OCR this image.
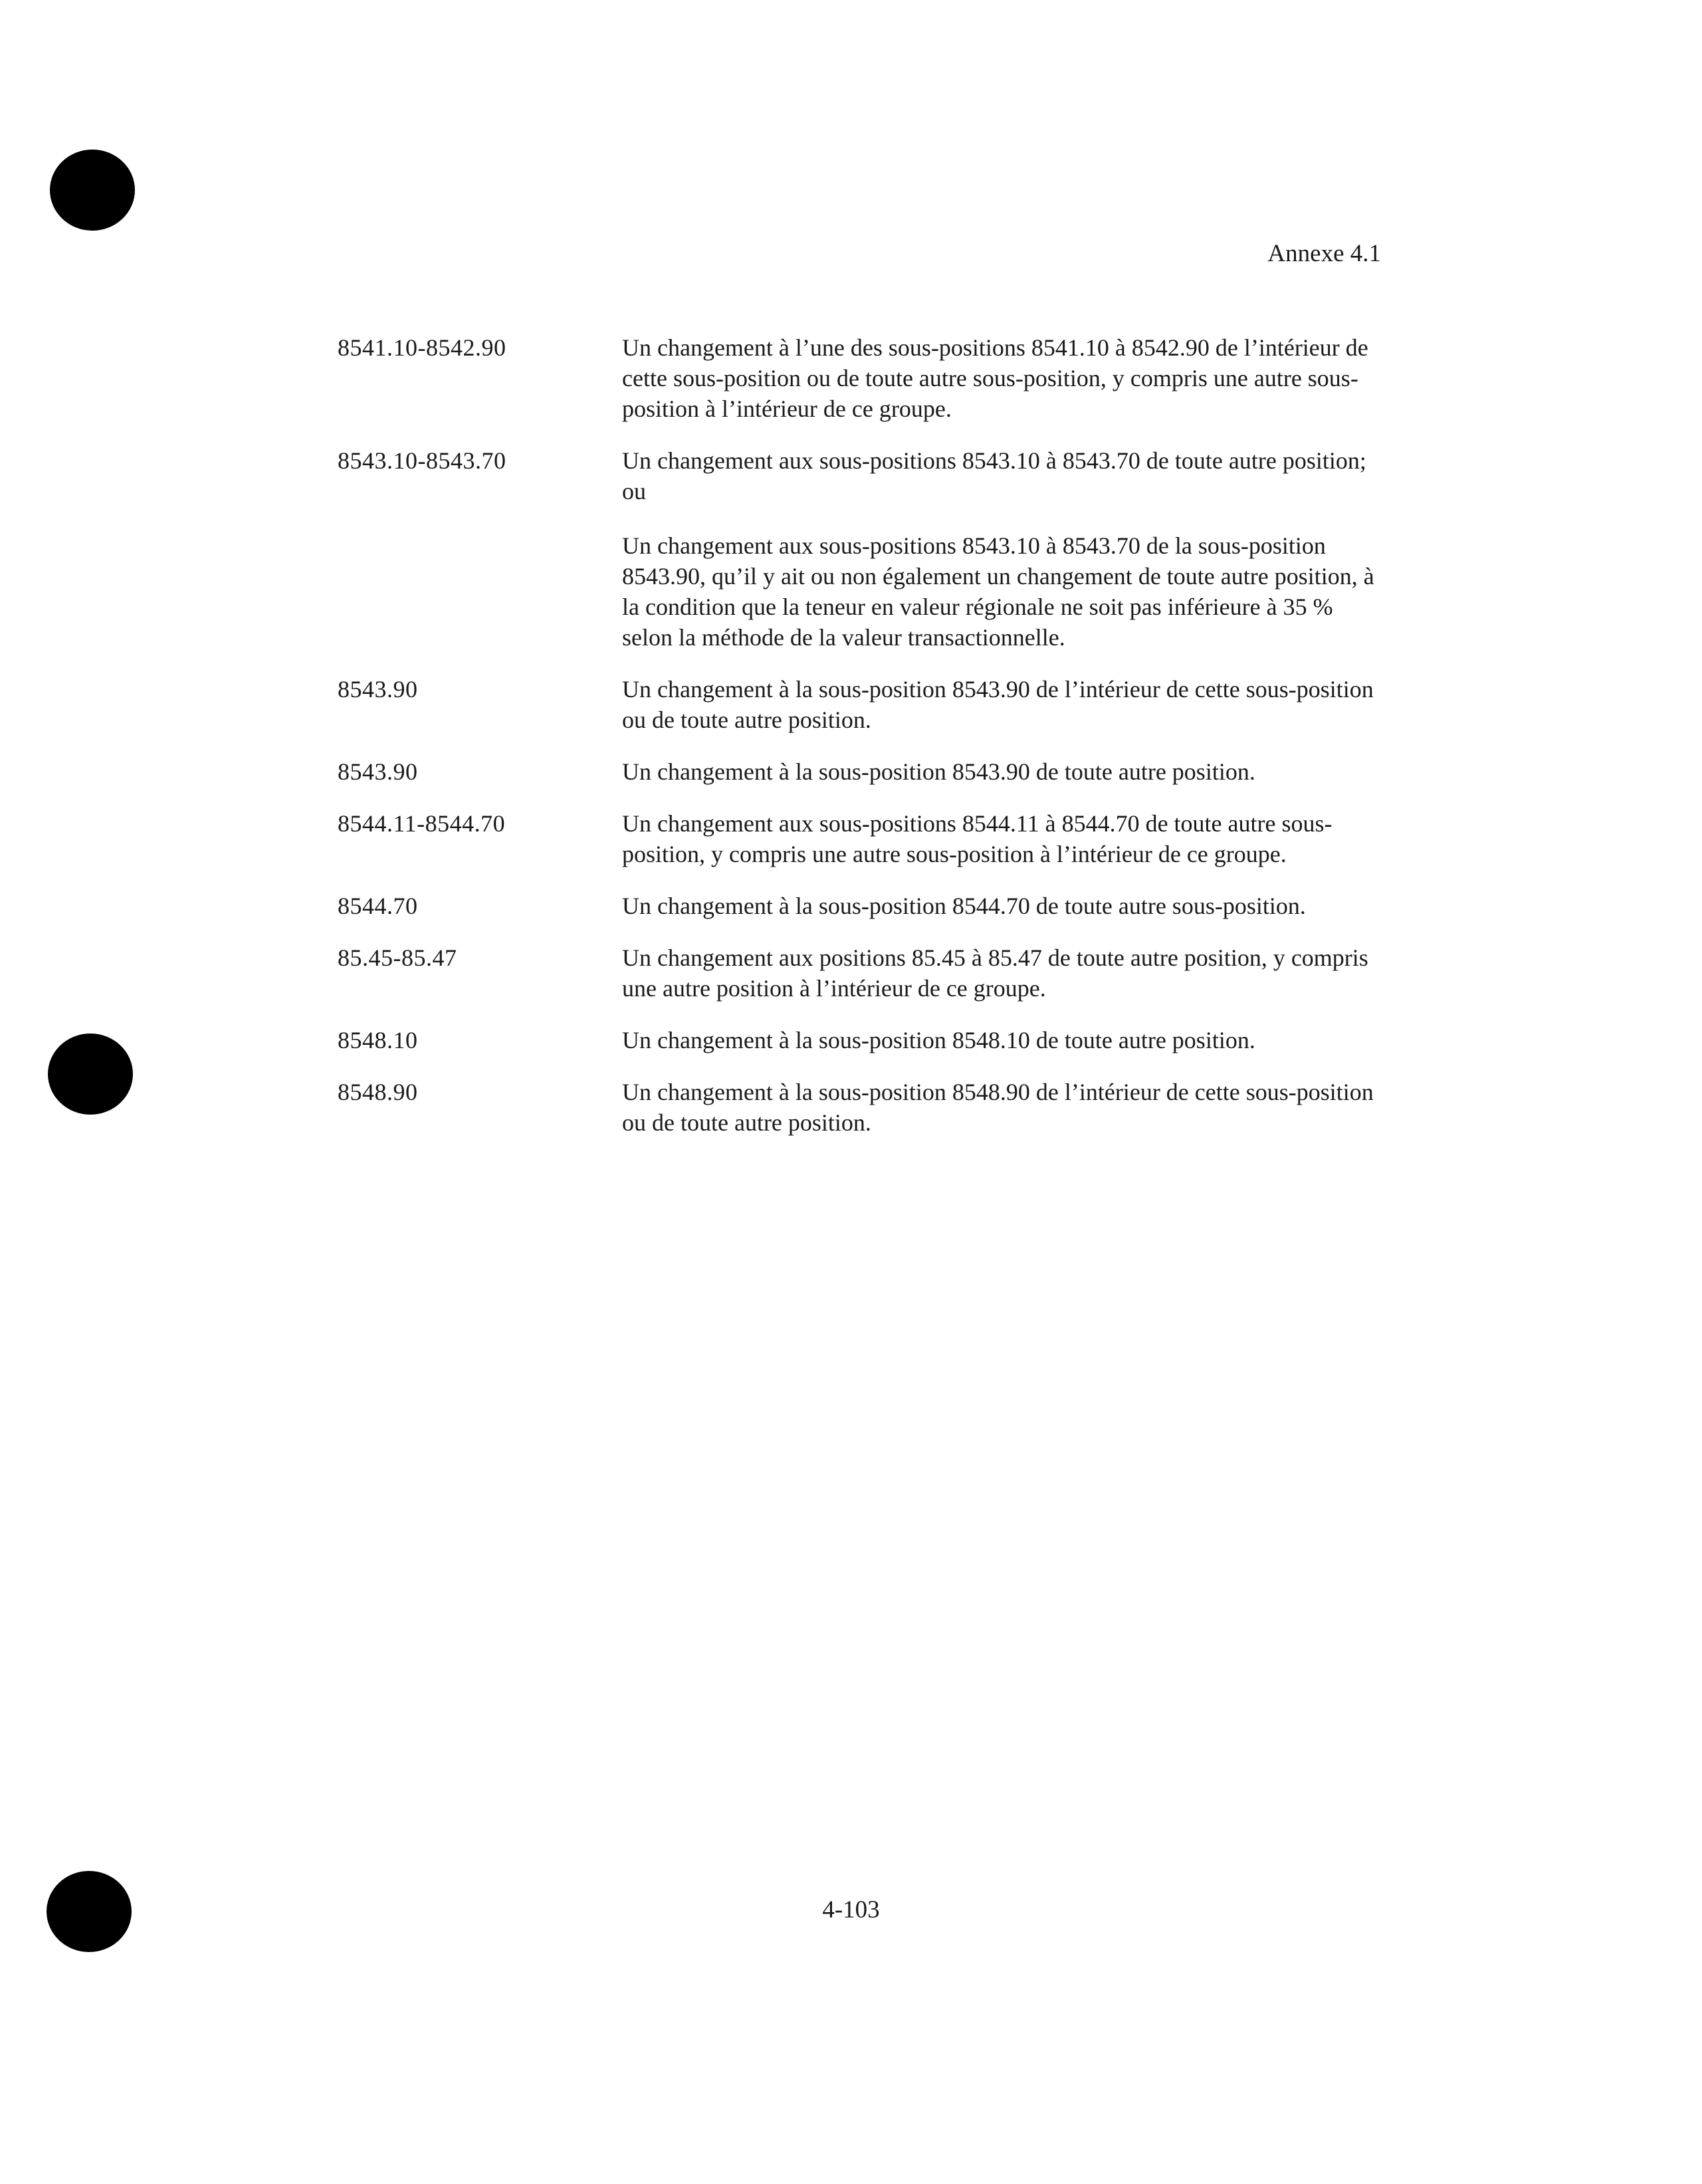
Annexe 4.1
8541.10-8542.90	Un changement à l’une des sous-positions 8541.10 à 8542.90 de l’intérieur de cette sous-position ou de toute autre sous-position, y compris une autre sous-position à l’intérieur de ce groupe.

8543.10-8543.70	Un changement aux sous-positions 8543.10 à 8543.70 de toute autre position; ou

Un changement aux sous-positions 8543.10 à 8543.70 de la sous-position 8543.90, qu’il y ait ou non également un changement de toute autre position, à la condition que la teneur en valeur régionale ne soit pas inférieure à 35 % selon la méthode de la valeur transactionnelle.

8543.90	Un changement à la sous-position 8543.90 de l’intérieur de cette sous-position ou de toute autre position.

8543.90	Un changement à la sous-position 8543.90 de toute autre position.

8544.11-8544.70	Un changement aux sous-positions 8544.11 à 8544.70 de toute autre sous-position, y compris une autre sous-position à l’intérieur de ce groupe.

8544.70	Un changement à la sous-position 8544.70 de toute autre sous-position.

85.45-85.47	Un changement aux positions 85.45 à 85.47 de toute autre position, y compris une autre position à l’intérieur de ce groupe.

8548.10	Un changement à la sous-position 8548.10 de toute autre position.

8548.90	Un changement à la sous-position 8548.90 de l’intérieur de cette sous-position ou de toute autre position.

4-103
